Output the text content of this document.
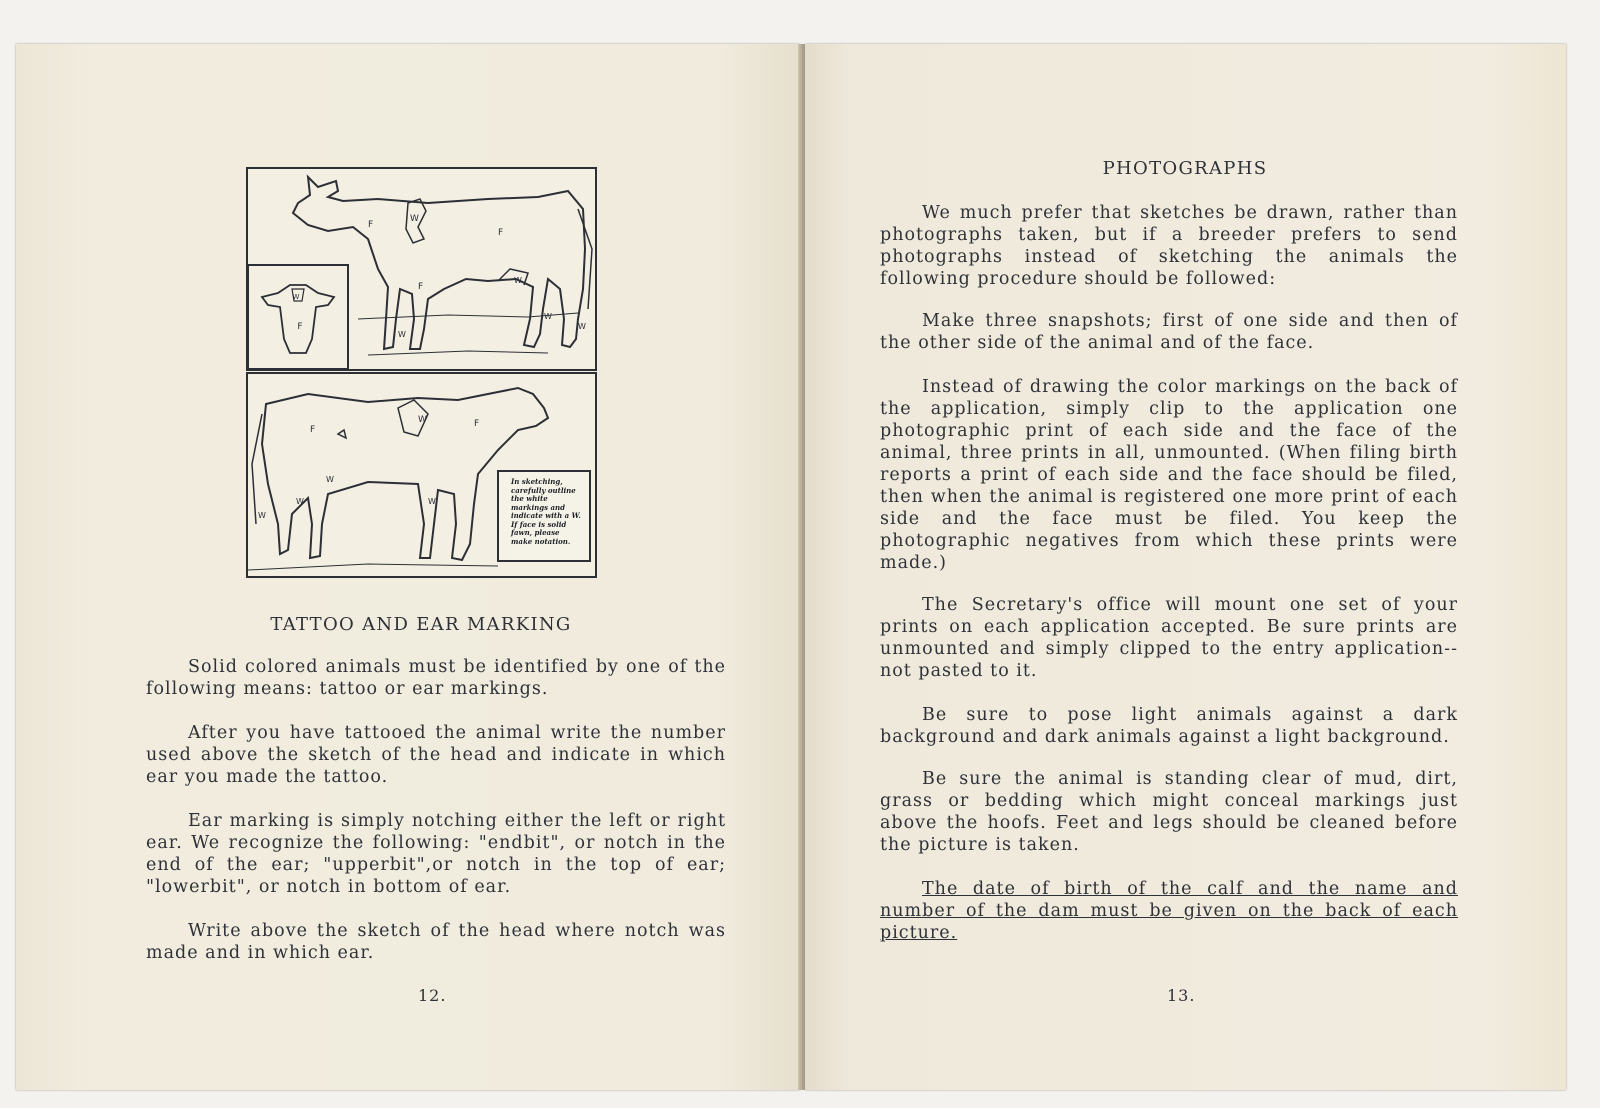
W
F
F
W
F
W
W
W
W
F
F
W	F
W
W
W	W
In sketching, carefully outline the white markings and indicate with a W. If face is solid fawn, please make notation.
TATTOO AND EAR MARKING
Solid colored animals must be identified by one of the following means: tattoo or ear markings.
After you have tattooed the animal write the number used above the sketch of the head and indicate in which ear you made the tattoo.
Ear marking is simply notching either the left or right ear. We recognize the following: "endbit", or notch in the end of the ear; "upperbit",or notch in the top of ear; "lowerbit", or notch in bottom of ear.
Write above the sketch of the head where notch was made and in which ear.
12.
PHOTOGRAPHS
We much prefer that sketches be drawn, rather than photographs taken, but if a breeder prefers to send photographs instead of sketching the animals the following procedure should be followed:
Make three snapshots; first of one side and then of the other side of the animal and of the face.
Instead of drawing the color markings on the back of the application, simply clip to the application one photographic print of each side and the face of the animal, three prints in all, unmounted. (When filing birth reports a print of each side and the face should be filed, then when the animal is registered one more print of each side and the face must be filed. You keep the photographic negatives from which these prints were made.)
The Secretary's office will mount one set of your prints on each application accepted. Be sure prints are unmounted and simply clipped to the entry application--not pasted to it.
Be sure to pose light animals against a dark background and dark animals against a light background.
Be sure the animal is standing clear of mud, dirt, grass or bedding which might conceal markings just above the hoofs. Feet and legs should be cleaned before the picture is taken.
The date of birth of the calf and the name and number of the dam must be given on the back of each picture.
13.
